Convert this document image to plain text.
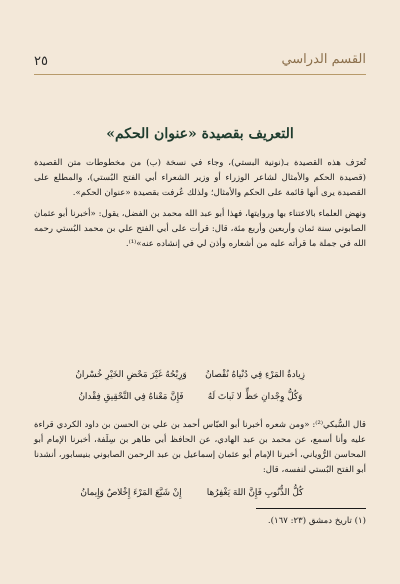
٢٥	القسم الدراسي
التعريف بقصيدة «عنوان الحكم»

تُعرَف هذه القصيدة بـ(نونية البستي)، وجاء في نسخة (ب) من مخطوطات متن القصيدة (قصيدة الحكم والأمثال لشاعر الوزراء أو وزير الشعراء أبي الفتح البُستي)، والمطلع على القصيدة يرى أنها قائمة على الحكم والأمثال؛ ولذلك عُرفت بقصيدة «عنوان الحكم».

ونهض العلماء بالاعتناء بها وروايتها، فهذا أبو عبد الله محمد بن الفضل، يقول: «أخبرنا أبو عثمان الصابوني سنة ثمان وأربعين وأربع مئة، قال: قرأت على أبي الفتح علي بن محمد البُستي رحمه الله في جملة ما قرأته عليه من أشعاره وأذن لي في إنشاده عنه»⁽¹⁾.

زِيادةُ المَرْءِ فِي دُنْياهُ نُقْصانُ
وَرِبْحُهُ غَيْرَ مَحْضِ الخَيْرِ خُسْرانُ
وَكُلُّ وِجْدانِ حَظٍّ لا ثَباتَ لَهُ
فَإِنَّ مَعْناهُ فِي التَّحْقِيقِ فِقْدانُ

قال السُّبكي⁽²⁾: «ومن شعره أخبرنا أبو العبّاس أحمد بن علي بن الحسن بن داود الكردي قراءة عليه وأنا أسمع، عن محمد بن عبد الهادي، عن الحافظ أبي طاهر بن سِلَفة، أخبرنا الإمام أبو المحاسن الرُّوياني، أخبرنا الإمام أبو عثمان إسماعيل بن عبد الرحمن الصابوني بنيسابور، أنشدنا أبو الفتح البُستي لنفسه، قال:

كُلُّ الذُّنُوبِ فَإِنَّ اللهَ يَغْفِرُها
إِنْ شَيَّعَ المَرْءَ إِخْلاصٌ وَإِيمانُ
(١) تاريخ دمشق (٢٣: ١٦٧).
